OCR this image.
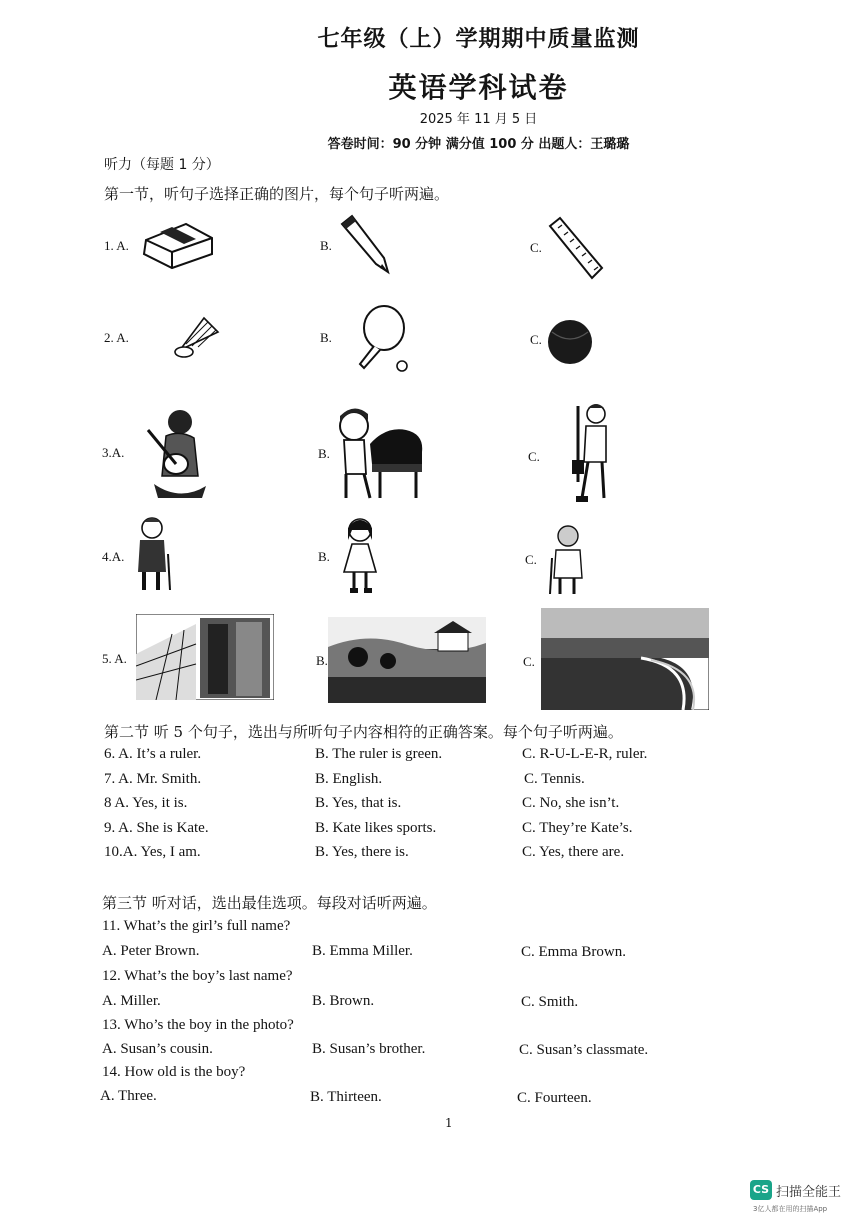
七年级（上）学期期中质量监测
英语学科试卷
2025 年 11 月 5 日
答卷时间：90 分钟 满分值 100 分 出题人：王璐璐
听力（每题 1 分）
第一节，听句子选择正确的图片，每个句子听两遍。
1. A.	B.	C.
2. A.	B.	C.
3.A.	B.	C.
4.A.	B.	C.
5. A.	B.	C.
第二节 听 5 个句子，选出与所听句子内容相符的正确答案。每个句子听两遍。
6. A. It’s a ruler.	B. The ruler is green.	C. R-U-L-E-R, ruler.
7. A. Mr. Smith.	B. English.	C. Tennis.
8 A. Yes, it is.	B. Yes, that is.	C. No, she isn’t.
9. A. She is Kate.	B. Kate likes sports.	C. They’re Kate’s.
10.A. Yes, I am.	B. Yes, there is.	C. Yes, there are.
第三节 听对话，选出最佳选项。每段对话听两遍。
11. What’s the girl’s full name?
A. Peter Brown.	B. Emma Miller.	C. Emma Brown.
12. What’s the boy’s last name?
A. Miller.	B. Brown.	C. Smith.
13. Who’s the boy in the photo?
A. Susan’s cousin.	B. Susan’s brother.	C. Susan’s classmate.
14. How old is the boy?
A. Three.	B. Thirteen.	C. Fourteen.
1
CS 扫描全能王
3亿人都在用的扫描App
